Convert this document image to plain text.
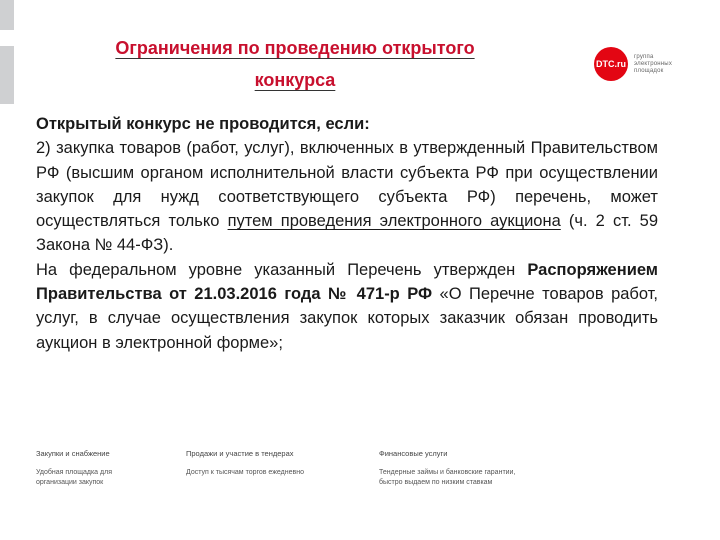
Ограничения по проведению открытого
конкурса
DTC.ru
группа электронных площадок

Открытый конкурс не проводится, если:

2) закупка товаров (работ, услуг), включенных в утвержденный Правительством РФ (высшим органом исполнительной власти субъекта РФ при осуществлении закупок для нужд соответствующего субъекта РФ) перечень, может осуществляться только путем проведения электронного аукциона (ч. 2 ст. 59 Закона № 44-ФЗ).

На федеральном уровне указанный Перечень утвержден Распоряжением Правительства от 21.03.2016 года № 471-р РФ «О Перечне товаров работ, услуг, в случае осуществления закупок которых заказчик обязан проводить аукцион в электронной форме»;

Закупки и снабжение
Удобная площадка для
организации закупок
Продажи и участие в тендерах
Доступ к тысячам торгов ежедневно
Финансовые услуги
Тендерные займы и банковские гарантии,
быстро выдаем по низким ставкам
